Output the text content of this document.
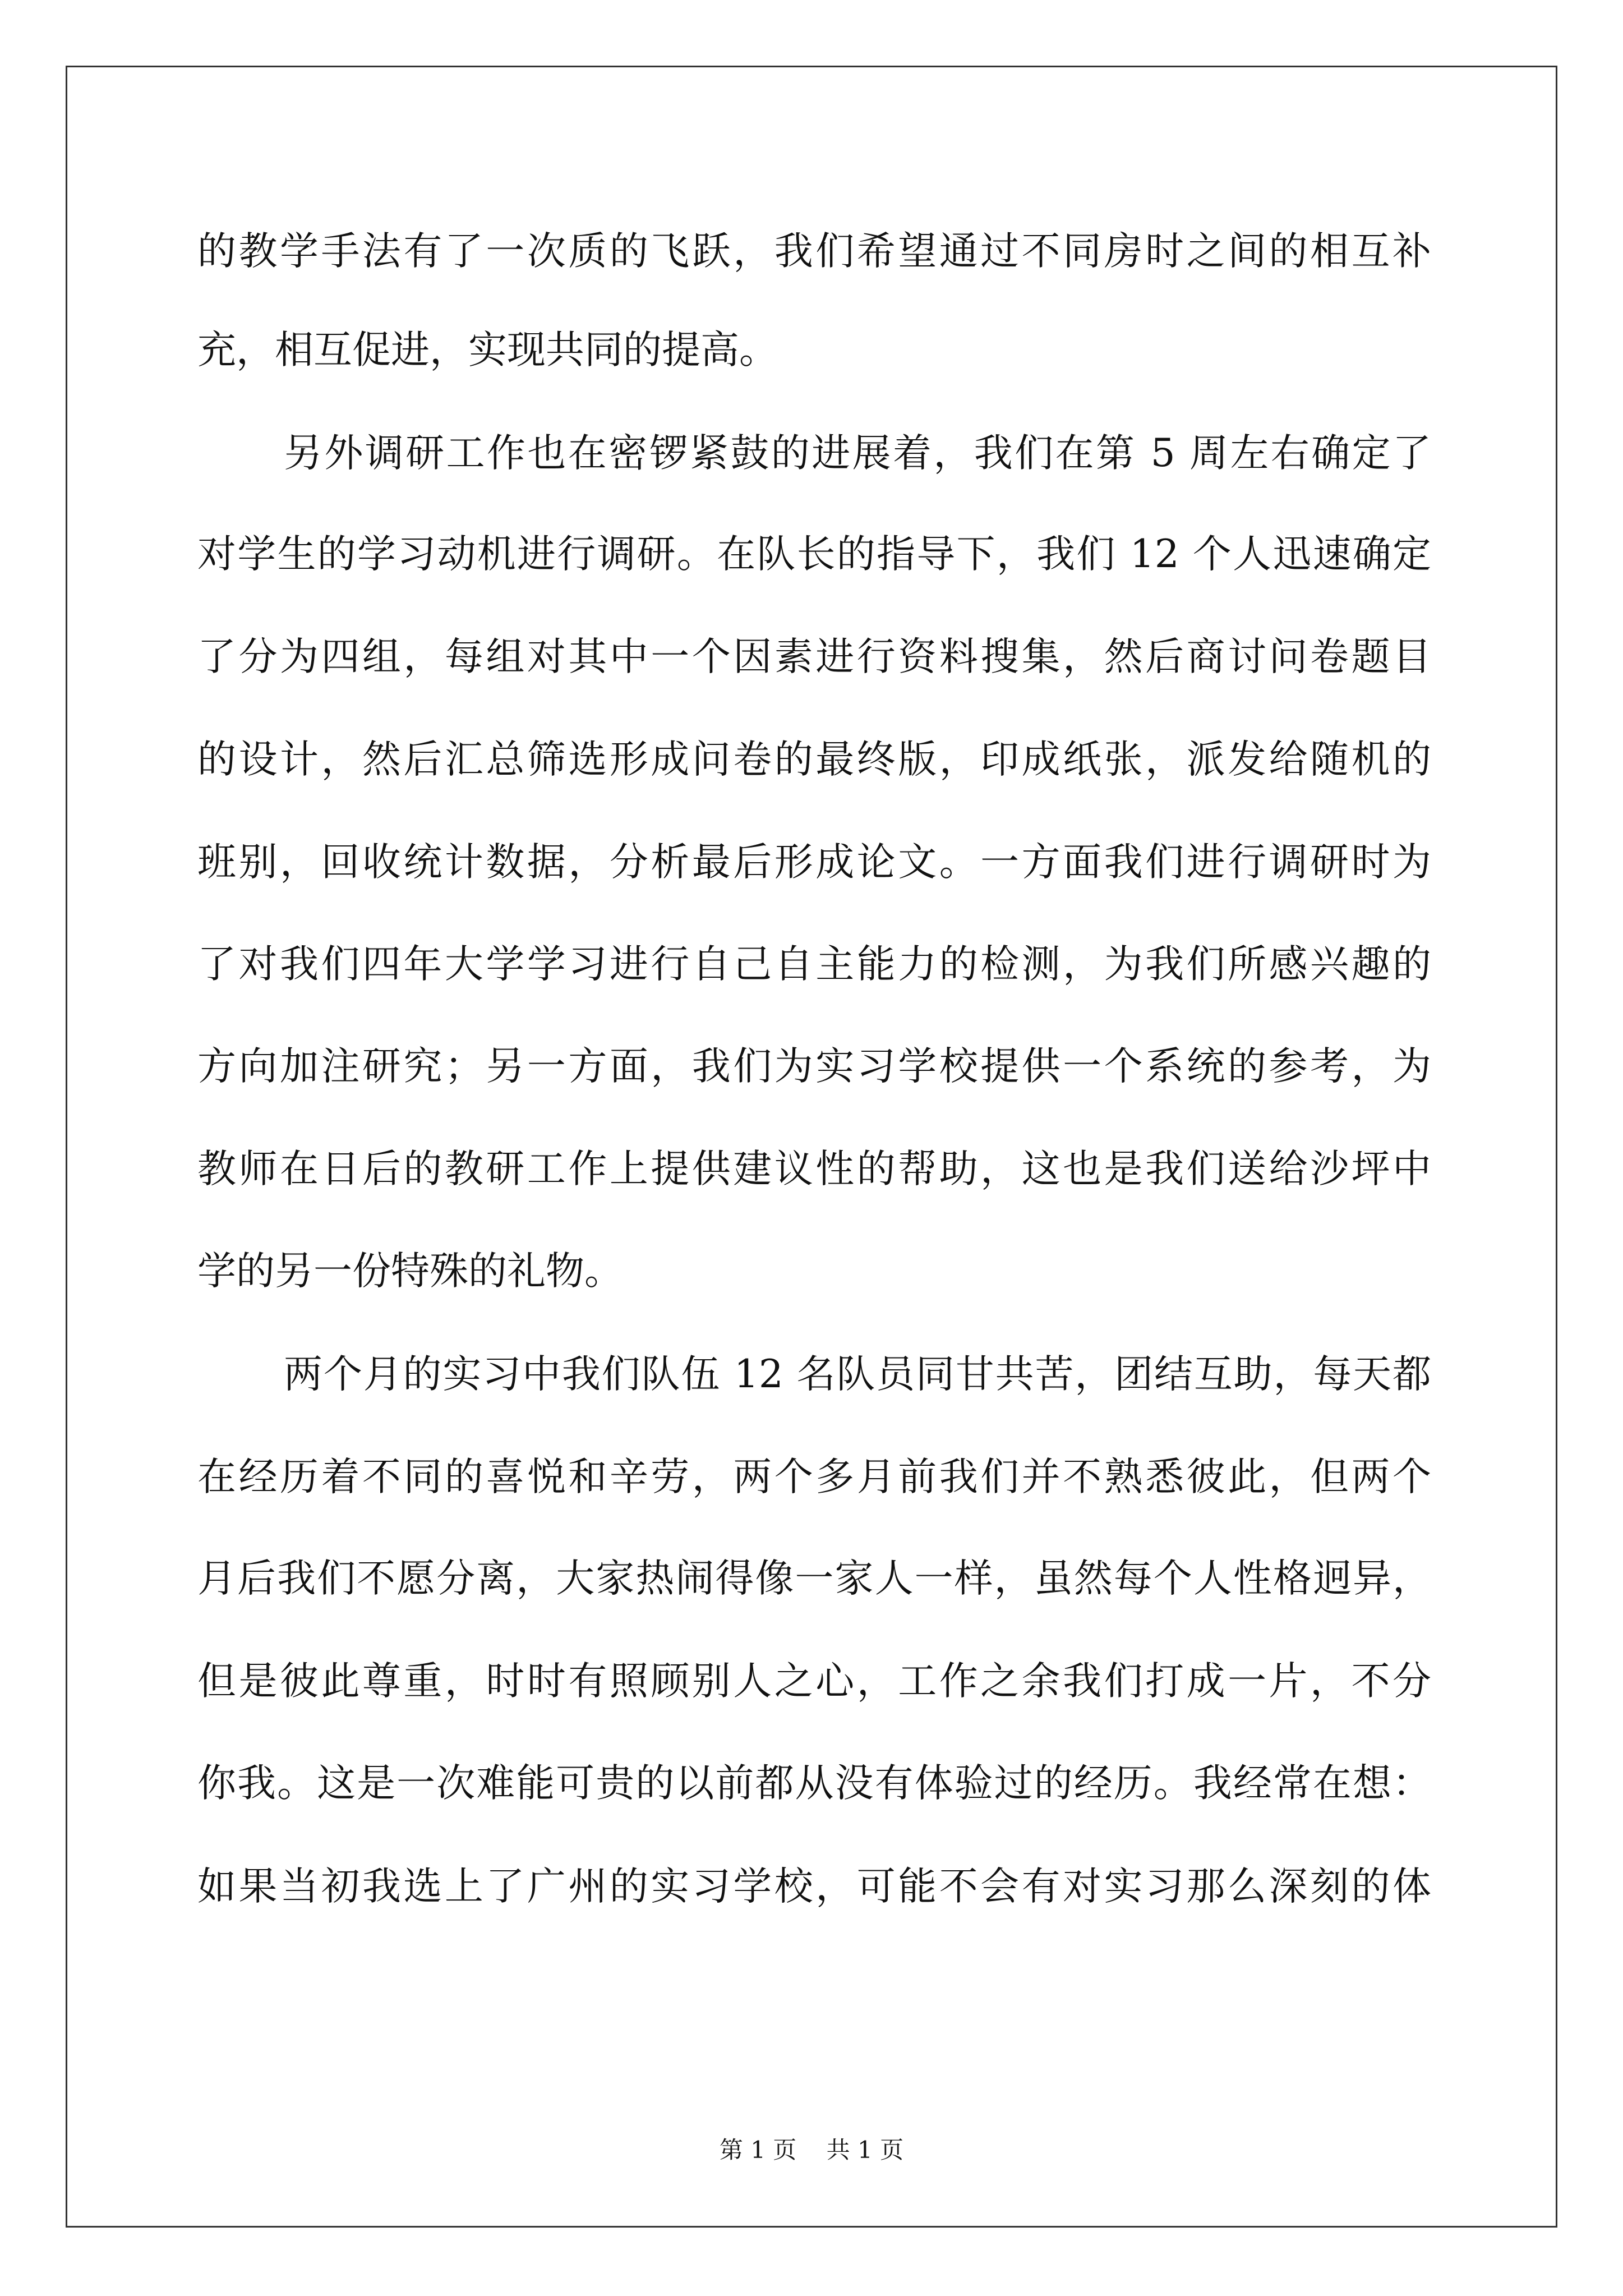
的教学手法有了一次质的飞跃，我们希望通过不同房时之间的相互补
充，相互促进，实现共同的提高。
另外调研工作也在密锣紧鼓的进展着，我们在第 5 周左右确定了
对学生的学习动机进行调研。在队长的指导下，我们 12 个人迅速确定
了分为四组，每组对其中一个因素进行资料搜集，然后商讨问卷题目
的设计，然后汇总筛选形成问卷的最终版，印成纸张，派发给随机的
班别，回收统计数据，分析最后形成论文。一方面我们进行调研时为
了对我们四年大学学习进行自己自主能力的检测，为我们所感兴趣的
方向加注研究；另一方面，我们为实习学校提供一个系统的参考，为
教师在日后的教研工作上提供建议性的帮助，这也是我们送给沙坪中
学的另一份特殊的礼物。
两个月的实习中我们队伍 12 名队员同甘共苦，团结互助，每天都
在经历着不同的喜悦和辛劳，两个多月前我们并不熟悉彼此，但两个
月后我们不愿分离，大家热闹得像一家人一样，虽然每个人性格迥异，
但是彼此尊重，时时有照顾别人之心，工作之余我们打成一片，不分
你我。这是一次难能可贵的以前都从没有体验过的经历。我经常在想：
如果当初我选上了广州的实习学校，可能不会有对实习那么深刻的体
第 1 页 共 1 页
